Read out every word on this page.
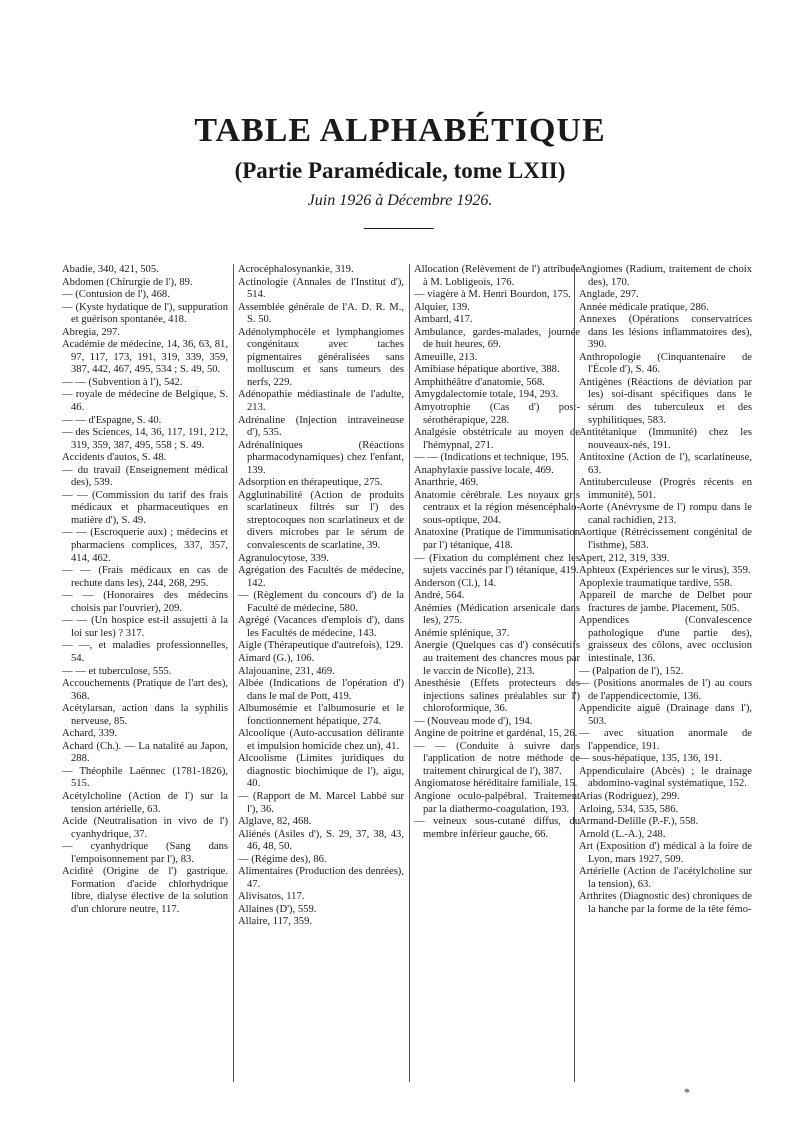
TABLE ALPHABÉTIQUE
(Partie Paramédicale, tome LXII)
Juin 1926 à Décembre 1926.

Abadie, 340, 421, 505.

Abdomen (Chirurgie de l'), 89.

— (Contusion de l'), 468.

— (Kyste hydatique de l'), suppuration et guérison spontanée, 418.

Abregia, 297.

Académie de médecine, 14, 36, 63, 81, 97, 117, 173, 191, 319, 339, 359, 387, 442, 467, 495, 534 ; S. 49, 50.

— — (Subvention à l'), 542.

— royale de médecine de Belgique, S. 46.

— — d'Espagne, S. 40.

— des Sciences, 14, 36, 117, 191, 212, 319, 359, 387, 495, 558 ; S. 49.

Accidents d'autos, S. 48.

— du travail (Enseignement médical des), 539.

— — (Commission du tarif des frais médicaux et pharmaceutiques en matière d'), S. 49.

— — (Escroquerie aux) ; médecins et pharmaciens complices, 337, 357, 414, 462.

— — (Frais médicaux en cas de rechute dans les), 244, 268, 295.

— — (Honoraires des médecins choisis par l'ouvrier), 209.

— — (Un hospice est-il assujetti à la loi sur les) ? 317.

— —, et maladies professionnelles, 54.

— — et tuberculose, 555.

Accouchements (Pratique de l'art des), 368.

Acétylarsan, action dans la syphilis nerveuse, 85.

Achard, 339.

Achard (Ch.). — La natalité au Japon, 288.

— Théophile Laënnec (1781-1826), 515.

Acétylcholine (Action de l') sur la tension artérielle, 63.

Acide (Neutralisation in vivo de l') cyanhydrique, 37.

— cyanhydrique (Sang dans l'empoisonnement par l'), 83.

Acidité (Origine de l') gastrique. Formation d'acide chlorhydrique libre, dialyse élective de la solution d'un chlorure neutre, 117.

Acrocéphalosynankie, 319.

Actinologie (Annales de l'Institut d'), 514.

Assemblée générale de l'A. D. R. M., S. 50.

Adénolymphocèle et lymphangiomes congénitaux avec taches pigmentaires généralisées sans molluscum et sans tumeurs des nerfs, 229.

Adénopathie médiastinale de l'adulte, 213.

Adrénaline (Injection intraveineuse d'), 535.

Adrénaliniques (Réactions pharmacodynamiques) chez l'enfant, 139.

Adsorption en thérapeutique, 275.

Agglutinabilité (Action de produits scarlatineux filtrés sur l') des streptocoques non scarlatineux et de divers microbes par le sérum de convalescents de scarlatine, 39.

Agranulocytose, 339.

Agrégation des Facultés de médecine, 142.

— (Règlement du concours d') de la Faculté de médecine, 580.

Agrégé (Vacances d'emplois d'), dans les Facultés de médecine, 143.

Aigle (Thérapeutique d'autrefois), 129.

Aimard (G.), 106.

Alajouanine, 231, 469.

Albée (Indications de l'opération d') dans le mal de Pott, 419.

Albumosémie et l'albumosurie et le fonctionnement hépatique, 274.

Alcoolique (Auto-accusation délirante et impulsion homicide chez un), 41.

Alcoolisme (Limites juridiques du diagnostic biochimique de l'), aigu, 40.

— (Rapport de M. Marcel Labbé sur l'), 36.

Alglave, 82, 468.

Aliénés (Asiles d'), S. 29, 37, 38, 43, 46, 48, 50.

— (Régime des), 86.

Alimentaires (Production des denrées), 47.

Alivisatos, 117.

Allaines (D'), 559.

Allaire, 117, 359.

Allocation (Relèvement de l') attribuée à M. Lobligeois, 176.

— viagère à M. Henri Bourdon, 175.

Alquier, 139.

Ambard, 417.

Ambulance, gardes-malades, journée de huit heures, 69.

Ameuille, 213.

Amibiase hépatique abortive, 388.

Amphithéâtre d'anatomie, 568.

Amygdalectomie totale, 194, 293.

Amyotrophie (Cas d') post-sérothérapique, 228.

Analgésie obstétricale au moyen de l'hémypnal, 271.

— — (Indications et technique, 195.

Anaphylaxie passive locale, 469.

Anarthrie, 469.

Anatomie cérébrale. Les noyaux gris centraux et la région mésencéphalo-sous-optique, 204.

Anatoxine (Pratique de l'immunisation par l') tétanique, 418.

— (Fixation du complément chez les sujets vaccinés par l') tétanique, 419.

Anderson (Cl.), 14.

André, 564.

Anémies (Médication arsenicale dans les), 275.

Anémie splénique, 37.

Anergie (Quelques cas d') consécutifs au traitement des chancres mous par le vaccin de Nicolle), 213.

Anesthésie (Effets protecteurs des injections salines préalables sur l') chloroformique, 36.

— (Nouveau mode d'), 194.

Angine de poitrine et gardénal, 15, 26.

— — (Conduite à suivre dans l'application de notre méthode de traitement chirurgical de l'), 387.

Angiomatose héréditaire familiale, 15.

Angione oculo-palpébral. Traitement par la diathermo-coagulation, 193.

— veineux sous-cutané diffus, du membre inférieur gauche, 66.

Angiomes (Radium, traitement de choix des), 170.

Anglade, 297.

Année médicale pratique, 286.

Annexes (Opérations conservatrices dans les lésions inflammatoires des), 390.

Anthropologie (Cinquantenaire de l'École d'), S. 46.

Antigènes (Réactions de déviation par les) soi-disant spécifiques dans le sérum des tuberculeux et des syphilitiques, 583.

Antitétanique (Immunité) chez les nouveaux-nés, 191.

Antitoxine (Action de l'), scarlatineuse, 63.

Antituberculeuse (Progrès récents en immunité), 501.

Aorte (Anévrysme de l') rompu dans le canal rachidien, 213.

Aortique (Rétrécissement congénital de l'isthme), 583.

Apert, 212, 319, 339.

Aphteux (Expériences sur le virus), 359.

Apoplexie traumatique tardive, 558.

Appareil de marche de Delbet pour fractures de jambe. Placement, 505.

Appendices (Convalescence pathologique d'une partie des), graisseux des côlons, avec occlusion intestinale, 136.

— (Palpation de l'), 152.

— (Positions anormales de l') au cours de l'appendicectomie, 136.

Appendicite aiguë (Drainage dans l'), 503.

— avec situation anormale de l'appendice, 191.

— sous-hépatique, 135, 136, 191.

Appendiculaire (Abcès) ; le drainage abdomino-vaginal systématique, 152.

Arias (Rodriguez), 299.

Arloing, 534, 535, 586.

Armand-Delille (P.-F.), 558.

Arnold (L.-A.), 248.

Art (Exposition d') médical à la foire de Lyon, mars 1927, 509.

Artérielle (Action de l'acétylcholine sur la tension), 63.

Arthrites (Diagnostic des) chroniques de la hanche par la forme de la tête fémo-

*
